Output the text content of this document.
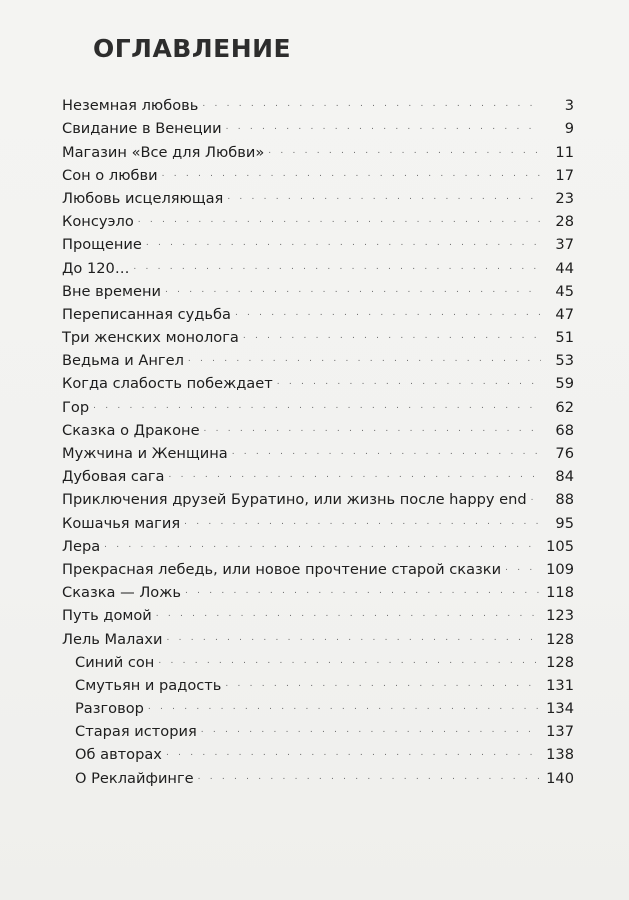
ОГЛАВЛЕНИЕ
Неземная любовь . . .	3
Свидание в Венеции . . .	9
Магазин «Все для Любви» . . .	11
Сон о любви . . .	17
Любовь исцеляющая . . .	23
Консуэло . . .	28
Прощение . . .	37
До 120… . . .	44
Вне времени . . .	45
Переписанная судьба . . .	47
Три женских монолога . . .	51
Ведьма и Ангел . . .	53
Когда слабость побеждает . . .	59
Гор . . .	62
Сказка о Драконе . . .	68
Мужчина и Женщина . . .	76
Дубовая сага . . .	84
Приключения друзей Буратино, или жизнь после happy end . . .	88
Кошачья магия . . .	95
Лера . . .	105
Прекрасная лебедь, или новое прочтение старой сказки . . .	109
Сказка — Ложь . . .	118
Путь домой . . .	123
Лель Малахи . . .	128
Синий сон . . .	128
Смутьян и радость . . .	131
Разговор . . .	134
Старая история . . .	137
Об авторах . . .	138
О Реклайфинге . . .	140
